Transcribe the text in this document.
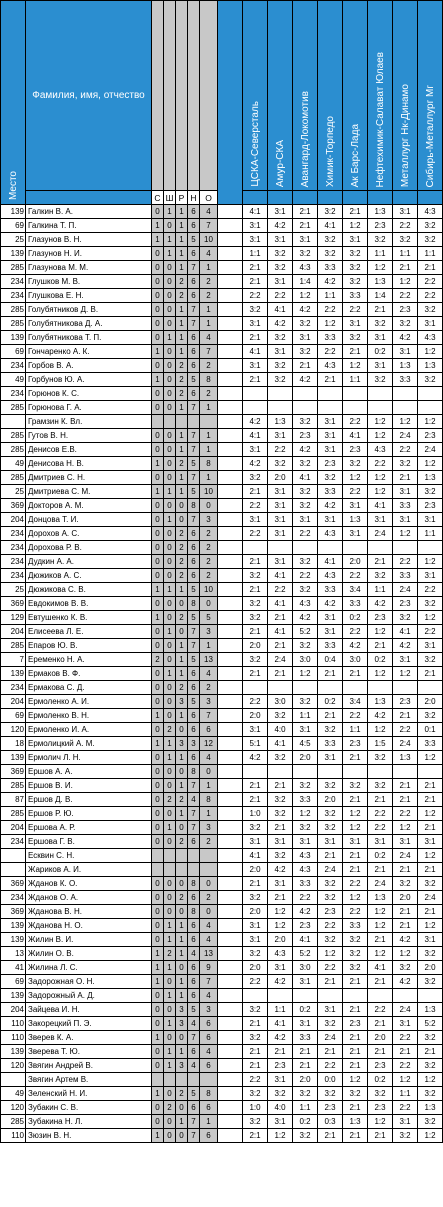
Место	Фамилия, имя, отчество							ЦСКА-Северсталь	Амур-СКА	Авангард-Локомотив	Химик-Торпедо	Ак Барс-Лада	Нефтехимик-Салават Юлаев	Металлург Нк-Динамо	Сибирь-Металлург Мг

		С	Ш	Р	Н	О									
139	Галкин В. А.	0	1	1	6	4		4:1	3:1	2:1	3:2	2:1	1:3	3:1	4:3
69	Галкина Т. П.	1	0	1	6	7		3:1	4:2	2:1	4:1	1:2	2:3	2:2	3:2
25	Глазунов В. Н.	1	1	1	5	10		3:1	3:1	3:1	3:2	3:1	3:2	3:2	3:2
139	Глазунов Н. И.	0	1	1	6	4		1:1	3:2	3:2	3:2	3:2	1:1	1:1	1:1
285	Глазунова М. М.	0	0	1	7	1		2:1	3:2	4:3	3:3	3:2	1:2	2:1	2:1
234	Глушков М. В.	0	0	2	6	2		2:1	3:1	1:4	4:2	3:2	1:3	1:2	2:2
234	Глушкова Е. Н.	0	0	2	6	2		2:2	2:2	1:2	1:1	3:3	1:4	2:2	2:2
285	Голубятников Д. В.	0	0	1	7	1		3:2	4:1	4:2	2:2	2:2	2:1	2:3	3:2
285	Голубятникова Д. А.	0	0	1	7	1		3:1	4:2	3:2	1:2	3:1	3:2	3:2	3:1
139	Голубятникова Т. П.	0	1	1	6	4		2:1	3:2	3:1	3:3	3:2	3:1	4:2	4:3
69	Гончаренко А. К.	1	0	1	6	7		4:1	3:1	3:2	2:2	2:1	0:2	3:1	1:2
234	Горбов В. А.	0	0	2	6	2		3:1	3:2	2:1	4:3	1:2	3:1	1:3	1:3
49	Горбунов Ю. А.	1	0	2	5	8		2:1	3:2	4:2	2:1	1:1	3:2	3:3	3:2
234	Горюнов К. С.	0	0	2	6	2									
285	Горюнова Г. А.	0	0	1	7	1									
	Грамзин К. Вл.							4:2	1:3	3:2	3:1	2:2	1:2	1:2	1:2
285	Гутов В. Н.	0	0	1	7	1		4:1	3:1	2:3	3:1	4:1	1:2	2:4	2:3
285	Денисов Е.В.	0	0	1	7	1		3:1	2:2	4:2	3:1	2:3	4:3	2:2	2:4
49	Денисова Н. В.	1	0	2	5	8		4:2	3:2	3:2	2:3	3:2	2:2	3:2	1:2
285	Дмитриев С. Н.	0	0	1	7	1		3:2	2:0	4:1	3:2	1:2	1:2	2:1	1:3
25	Дмитриева С. М.	1	1	1	5	10		2:1	3:1	3:2	3:3	2:2	1:2	3:1	3:2
369	Докторов А. М.	0	0	0	8	0		2:2	3:1	3:2	4:2	3:1	4:1	3:3	2:3
204	Донцова Т. И.	0	1	0	7	3		3:1	3:1	3:1	3:1	1:3	3:1	3:1	3:1
234	Дорохов А. С.	0	0	2	6	2		2:2	3:1	2:2	4:3	3:1	2:4	1:2	1:1
234	Дорохова Р. В.	0	0	2	6	2									
234	Дудкин А. А.	0	0	2	6	2		2:1	3:1	3:2	4:1	2:0	2:1	2:2	1:2
234	Дюжиков А. С.	0	0	2	6	2		3:2	4:1	2:2	4:3	2:2	3:2	3:3	3:1
25	Дюжикова С. В.	1	1	1	5	10		2:1	2:2	3:2	3:3	3:4	1:1	2:4	2:2
369	Евдокимов В. В.	0	0	0	8	0		3:2	4:1	4:3	4:2	3:3	4:2	2:3	3:2
129	Евтушенко К. В.	1	0	2	5	5		3:2	2:1	4:2	3:1	0:2	2:3	3:2	1:2
204	Елисеева Л. Е.	0	1	0	7	3		2:1	4:1	5:2	3:1	2:2	1:2	4:1	2:2
285	Епаров Ю. В.	0	0	1	7	1		2:0	2:1	3:2	3:3	4:2	2:1	4:2	3:1
7	Еременко Н. А.	2	0	1	5	13		3:2	2:4	3:0	0:4	3:0	0:2	3:1	3:2
139	Ермаков В. Ф.	0	1	1	6	4		2:1	2:1	1:2	2:1	2:1	1:2	1:2	2:1
234	Ермакова С. Д.	0	0	2	6	2									
204	Ермоленко А. И.	0	0	3	5	3		2:2	3:0	3:2	0:2	3:4	1:3	2:3	2:0
69	Ермоленко В. Н.	1	0	1	6	7		2:0	3:2	1:1	2:1	2:2	4:2	2:1	3:2
120	Ермоленко И. А.	0	2	0	6	6		3:1	4:0	3:1	3:2	1:1	1:2	2:2	0:1
18	Ермолицкий А. М.	1	1	3	3	12		5:1	4:1	4:5	3:3	2:3	1:5	2:4	3:3
139	Ермолич Л. Н.	0	1	1	6	4		4:2	3:2	2:0	3:1	2:1	3:2	1:3	1:2
369	Ершов А. А.	0	0	0	8	0									
285	Ершов В. И.	0	0	1	7	1		2:1	2:1	3:2	3:2	3:2	3:2	2:1	2:1
87	Ершов Д. В.	0	2	2	4	8		2:1	3:2	3:3	2:0	2:1	2:1	2:1	2:1
285	Ершов Р. Ю.	0	0	1	7	1		1:0	3:2	1:2	3:2	1:2	2:2	2:2	1:2
204	Ершова А. Р.	0	1	0	7	3		3:2	2:1	3:2	3:2	1:2	2:2	1:2	2:1
234	Ершова Г. В.	0	0	2	6	2		3:1	3:1	3:1	3:1	3:1	3:1	3:1	3:1
	Есквин С. Н.							4:1	3:2	4:3	2:1	2:1	0:2	2:4	1:2
	Жариков А. И.							2:0	4:2	4:3	2:4	2:1	2:1	2:1	2:1
369	Жданов К. О.	0	0	0	8	0		2:1	3:1	3:3	3:2	2:2	2:4	3:2	3:2
234	Жданов О. А.	0	0	2	6	2		3:2	2:1	2:2	3:2	1:2	1:3	2:0	2:4
369	Жданова В. Н.	0	0	0	8	0		2:0	1:2	4:2	2:3	2:2	1:2	2:1	2:1
139	Жданова Н. О.	0	1	1	6	4		3:1	1:2	2:3	2:2	3:3	1:2	2:1	1:2
139	Жилин В. И.	0	1	1	6	4		3:1	2:0	4:1	3:2	3:2	2:1	4:2	3:1
13	Жилин О. В.	1	2	1	4	13		3:2	4:3	5:2	1:2	3:2	1:2	1:2	3:2
41	Жилина Л. С.	1	1	0	6	9		2:0	3:1	3:0	2:2	3:2	4:1	3:2	2:0
69	Задорожная О. Н.	1	0	1	6	7		2:2	4:2	3:1	2:1	2:1	2:1	4:2	3:2
139	Задорожный А. Д.	0	1	1	6	4									
204	Зайцева И. Н.	0	0	3	5	3		3:2	1:1	0:2	3:1	2:1	2:2	2:4	1:3
110	Закорецкий П. Э.	0	1	3	4	6		2:1	4:1	3:1	3:2	2:3	2:1	3:1	5:2
110	Зверев К. А.	1	0	0	7	6		3:2	4:2	3:3	2:4	2:1	2:0	2:2	3:2
139	Зверева Т. Ю.	0	1	1	6	4		2:1	2:1	2:1	2:1	2:1	2:1	2:1	2:1
120	Звягин Андрей В.	0	1	3	4	6		2:1	2:3	2:1	2:2	2:1	2:3	2:2	3:2
	Звягин Артем В.							2:2	3:1	2:0	0:0	1:2	0:2	1:2	1:2
49	Зеленский Н. И.	1	0	2	5	8		3:2	3:2	3:2	3:2	3:2	3:2	1:1	3:2
120	Зубакин С. В.	0	2	0	6	6		1:0	4:0	1:1	2:3	2:1	2:3	2:2	1:3
285	Зубакина Н. Л.	0	0	1	7	1		3:2	3:1	0:2	0:3	1:3	1:2	3:1	3:2
110	Зюзин В. Н.	1	0	0	7	6		2:1	1:2	3:2	2:1	2:1	2:1	3:2	1:2
